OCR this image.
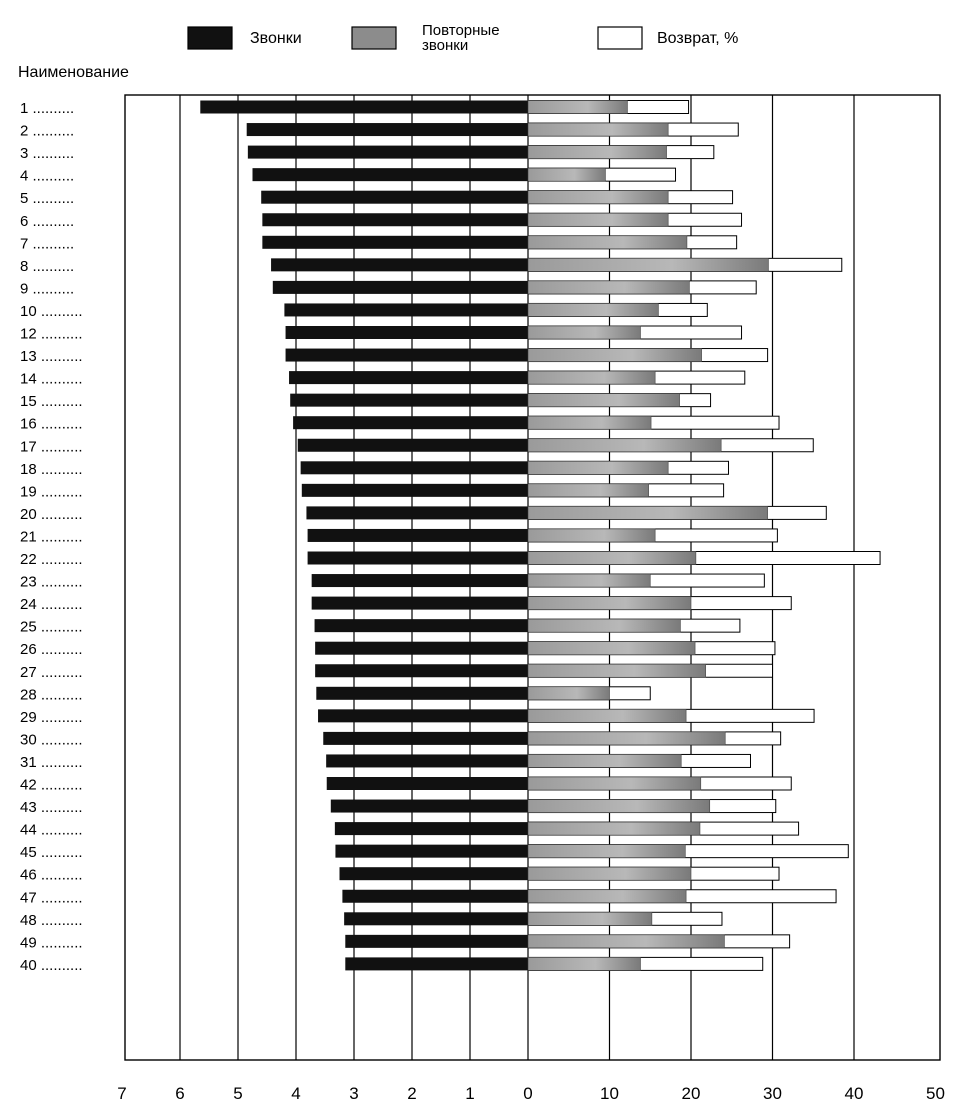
Звонки	Повторные
звонки	Возврат, %
Наименование
1 ..........
2 ..........
3 ..........
4 ..........
5 ..........
6 ..........
7 ..........
8 ..........
9 ..........
10 ..........
12 ..........
13 ..........
14 ..........
15 ..........
16 ..........
17 ..........
18 ..........
19 ..........
20 ..........
21 ..........
22 ..........
23 ..........
24 ..........
25 ..........
26 ..........
27 ..........
28 ..........
29 ..........
30 ..........
31 ..........
42 ..........
43 ..........
44 ..........
45 ..........
46 ..........
47 ..........
48 ..........
49 ..........
40 ..........
7	6	5	4	3	2	1	0	10	20	30	40	50
